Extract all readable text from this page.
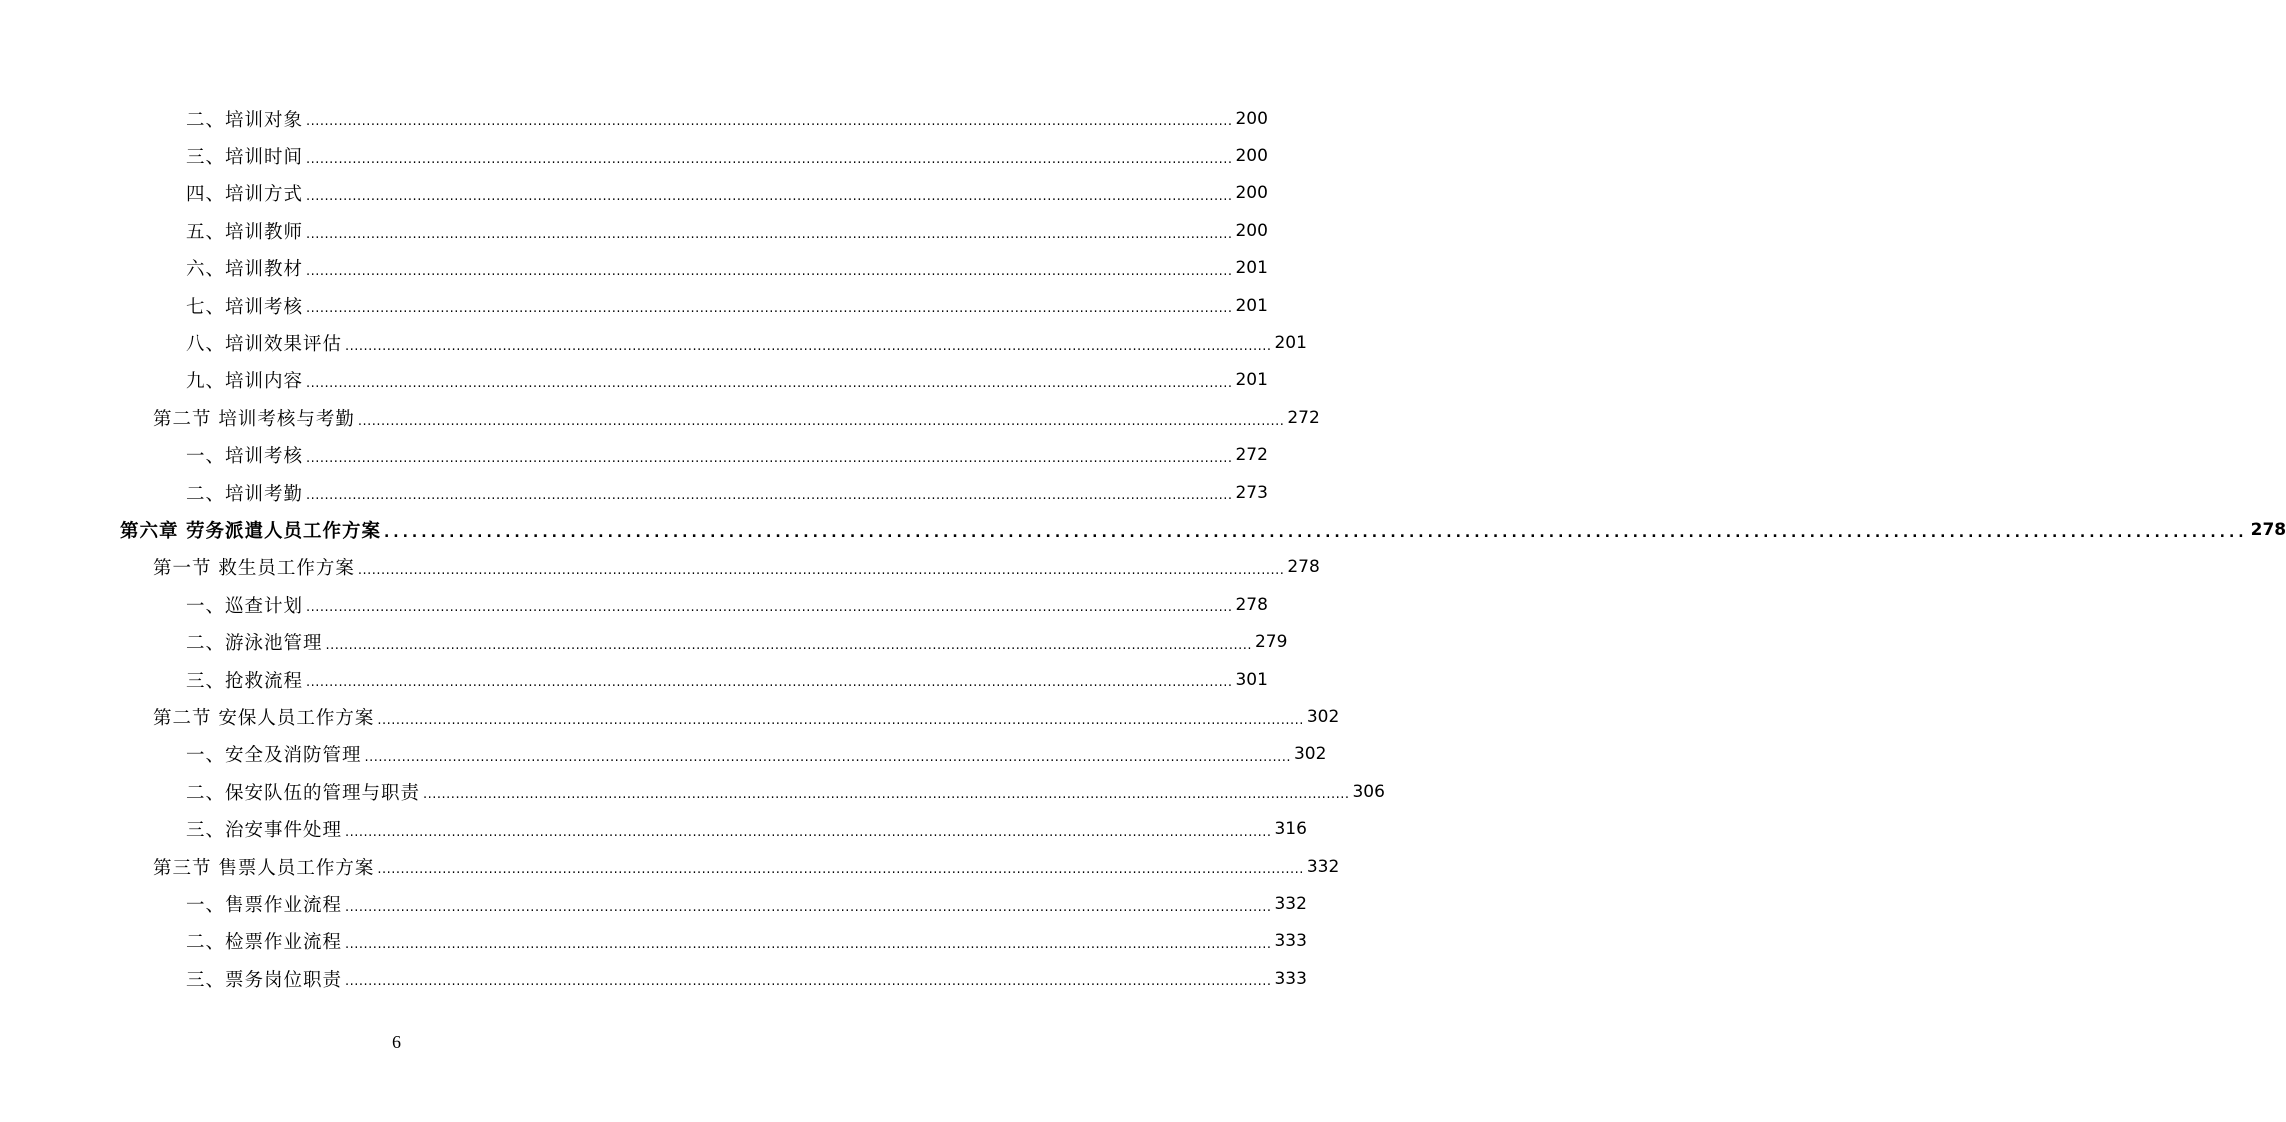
二、培训对象 ........................................................................................................................................................................................................ 200
三、培训时间 ........................................................................................................................................................................................................ 200
四、培训方式 ........................................................................................................................................................................................................ 200
五、培训教师 ........................................................................................................................................................................................................ 200
六、培训教材 ........................................................................................................................................................................................................ 201
七、培训考核 ........................................................................................................................................................................................................ 201
八、培训效果评估 ........................................................................................................................................................................................................ 201
九、培训内容 ........................................................................................................................................................................................................ 201
第二节 培训考核与考勤 ........................................................................................................................................................................................................ 272
一、培训考核 ........................................................................................................................................................................................................ 272
二、培训考勤 ........................................................................................................................................................................................................ 273
第六章 劳务派遣人员工作方案 ........................................................................................................................................................................................................ 278
第一节 救生员工作方案 ........................................................................................................................................................................................................ 278
一、巡查计划 ........................................................................................................................................................................................................ 278
二、游泳池管理 ........................................................................................................................................................................................................ 279
三、抢救流程 ........................................................................................................................................................................................................ 301
第二节 安保人员工作方案 ........................................................................................................................................................................................................ 302
一、安全及消防管理 ........................................................................................................................................................................................................ 302
二、保安队伍的管理与职责 ........................................................................................................................................................................................................ 306
三、治安事件处理 ........................................................................................................................................................................................................ 316
第三节 售票人员工作方案 ........................................................................................................................................................................................................ 332
一、售票作业流程 ........................................................................................................................................................................................................ 332
二、检票作业流程 ........................................................................................................................................................................................................ 333
三、票务岗位职责 ........................................................................................................................................................................................................ 333
6
